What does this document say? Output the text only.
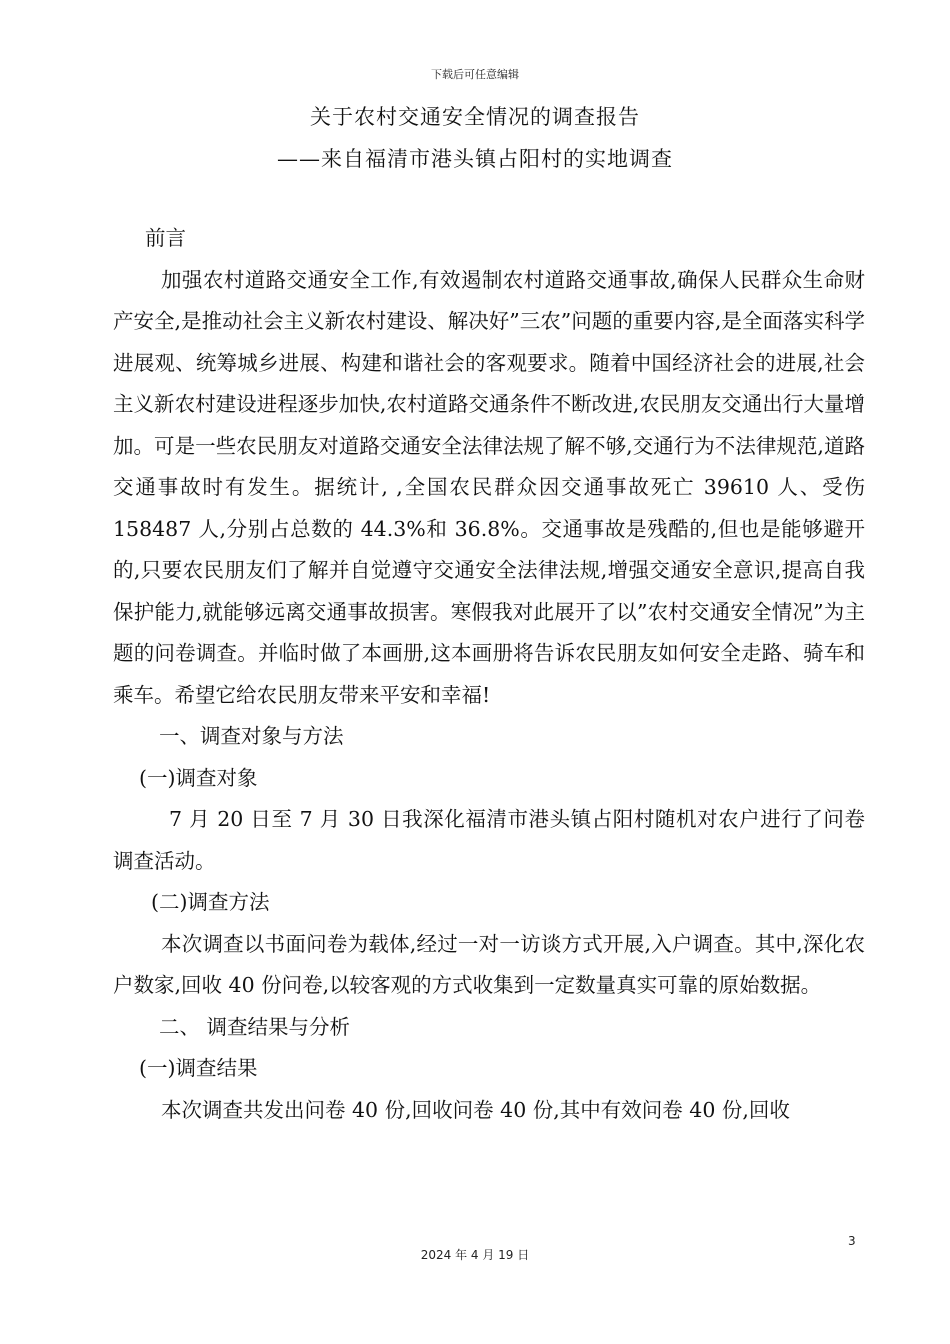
下载后可任意编辑
关于农村交通安全情况的调查报告
——来自福清市港头镇占阳村的实地调查

前言

加强农村道路交通安全工作,有效遏制农村道路交通事故,确保人民群众生命财产安全,是推动社会主义新农村建设、解决好”三农”问题的重要内容,是全面落实科学进展观、统筹城乡进展、构建和谐社会的客观要求。随着中国经济社会的进展,社会主义新农村建设进程逐步加快,农村道路交通条件不断改进,农民朋友交通出行大量增加。可是一些农民朋友对道路交通安全法律法规了解不够,交通行为不法律规范,道路交通事故时有发生。据统计, ,全国农民群众因交通事故死亡 39610 人、受伤 158487 人,分别占总数的 44.3%和 36.8%。交通事故是残酷的,但也是能够避开的,只要农民朋友们了解并自觉遵守交通安全法律法规,增强交通安全意识,提高自我保护能力,就能够远离交通事故损害。寒假我对此展开了以”农村交通安全情况”为主题的问卷调查。并临时做了本画册,这本画册将告诉农民朋友如何安全走路、骑车和乘车。希望它给农民朋友带来平安和幸福!

一、调查对象与方法

(一)调查对象

7 月 20 日至 7 月 30 日我深化福清市港头镇占阳村随机对农户进行了问卷调查活动。

(二)调查方法

本次调查以书面问卷为载体,经过一对一访谈方式开展,入户调查。其中,深化农户数家,回收 40 份问卷,以较客观的方式收集到一定数量真实可靠的原始数据。

二、 调查结果与分析

(一)调查结果

本次调查共发出问卷 40 份,回收问卷 40 份,其中有效问卷 40 份,回收

3
2024 年 4 月 19 日
